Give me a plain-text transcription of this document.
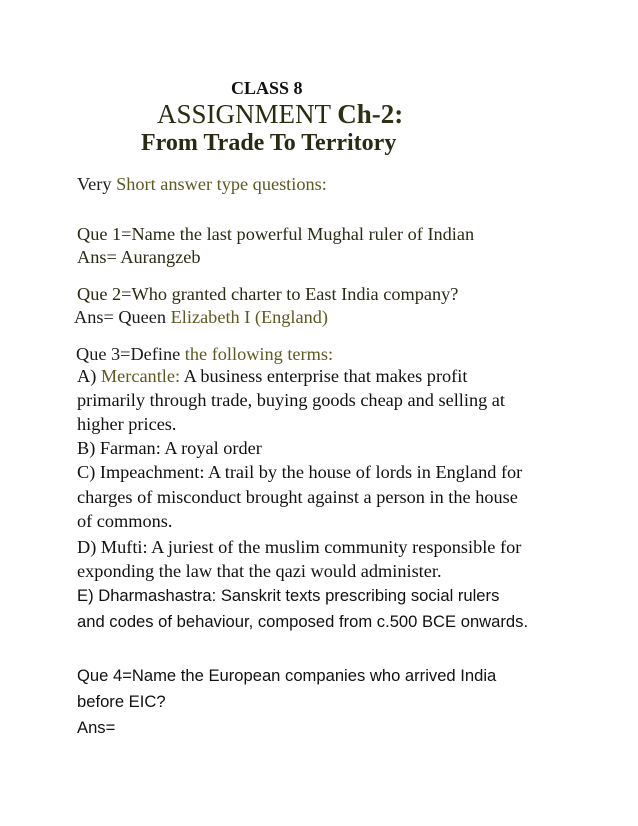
CLASS 8
ASSIGNMENT Ch-2:
From Trade To Territory
Very Short answer type questions:
Que 1=Name the last powerful Mughal ruler of Indian
Ans= Aurangzeb
Que 2=Who granted charter to East India company?
Ans= Queen Elizabeth I (England)
Que 3=Define the following terms:
A) Mercantle: A business enterprise that makes profit
primarily through trade, buying goods cheap and selling at
higher prices.
B) Farman: A royal order
C) Impeachment: A trail by the house of lords in England for
charges of misconduct brought against a person in the house
of commons.
D) Mufti: A juriest of the muslim community responsible for
exponding the law that the qazi would administer.
E) Dharmashastra: Sanskrit texts prescribing social rulers
and codes of behaviour, composed from c.500 BCE onwards.
Que 4=Name the European companies who arrived India
before EIC?
Ans=
